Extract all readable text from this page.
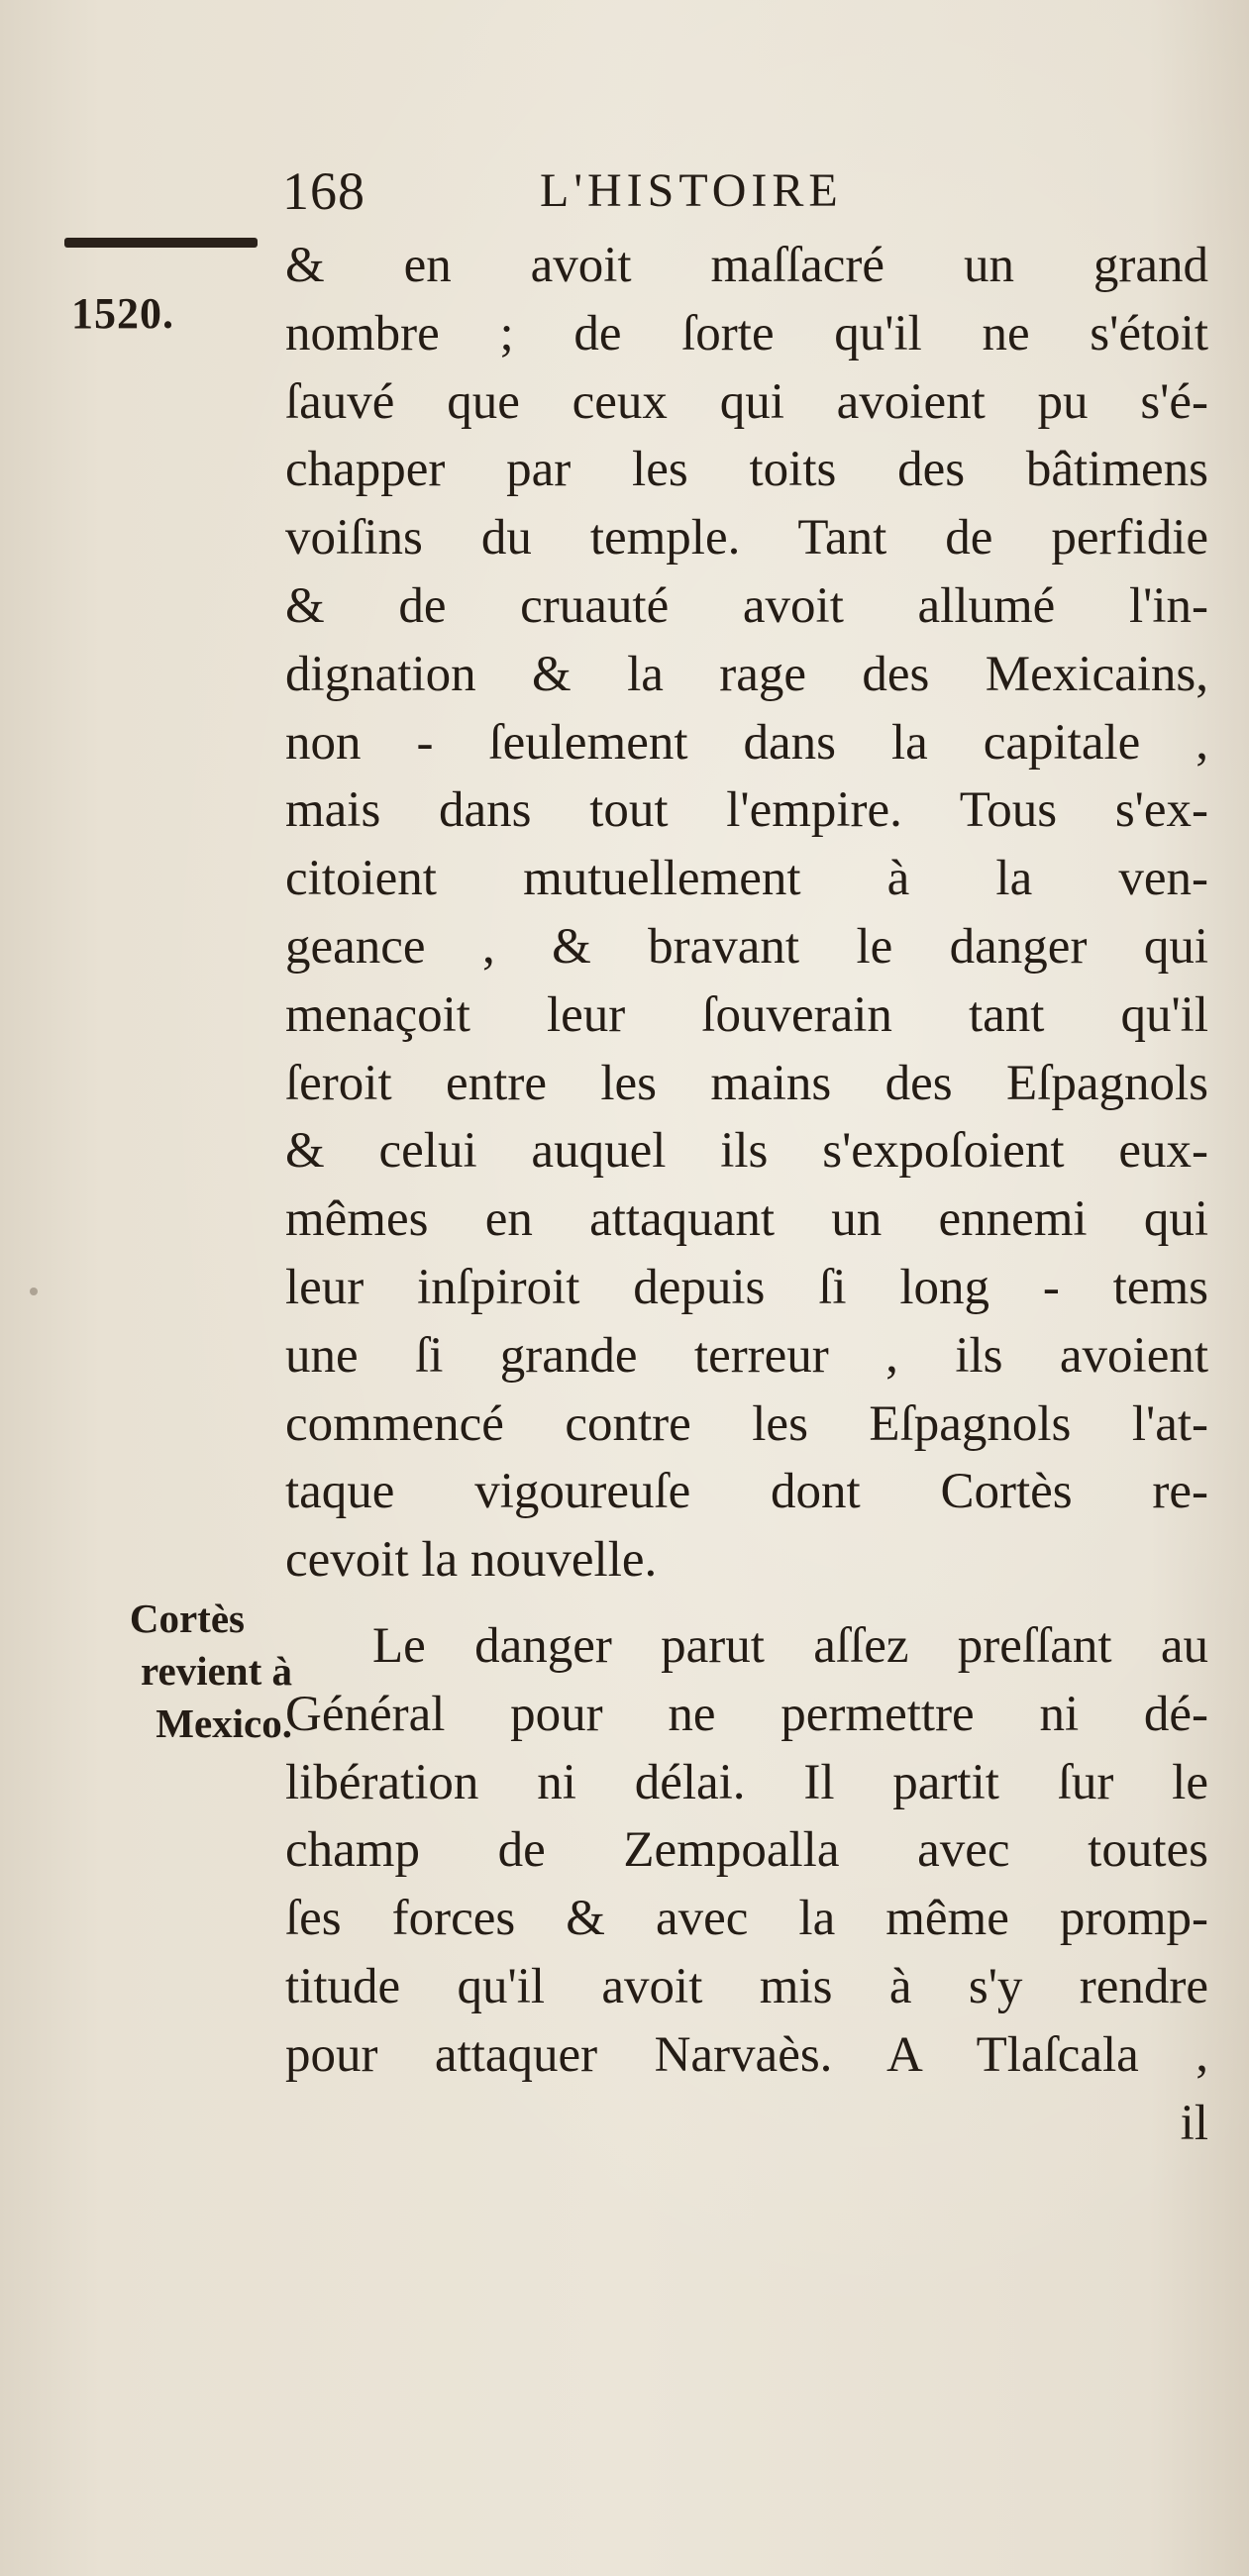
168	L'HISTOIRE
1520.
& en avoit maſſacré un grand
nombre ; de ſorte qu'il ne s'étoit
ſauvé que ceux qui avoient pu s'é-
chapper par les toits des bâtimens
voiſins du temple. Tant de perfidie
& de cruauté avoit allumé l'in-
dignation & la rage des Mexicains,
non - ſeulement dans la capitale ,
mais dans tout l'empire. Tous s'ex-
citoient mutuellement à la ven-
geance , & bravant le danger qui
menaçoit leur ſouverain tant qu'il
ſeroit entre les mains des Eſpagnols
& celui auquel ils s'expoſoient eux-
mêmes en attaquant un ennemi qui
leur inſpiroit depuis ſi long - tems
une ſi grande terreur , ils avoient
commencé contre les Eſpagnols l'at-
taque vigoureuſe dont Cortès re-
cevoit la nouvelle.
Le danger parut aſſez preſſant au
Général pour ne permettre ni dé-
libération ni délai. Il partit ſur le
champ de Zempoalla avec toutes
ſes forces & avec la même promp-
titude qu'il avoit mis à s'y rendre
pour attaquer Narvaès. A Tlaſcala ,
il
Cortès
revient à
Mexico.
